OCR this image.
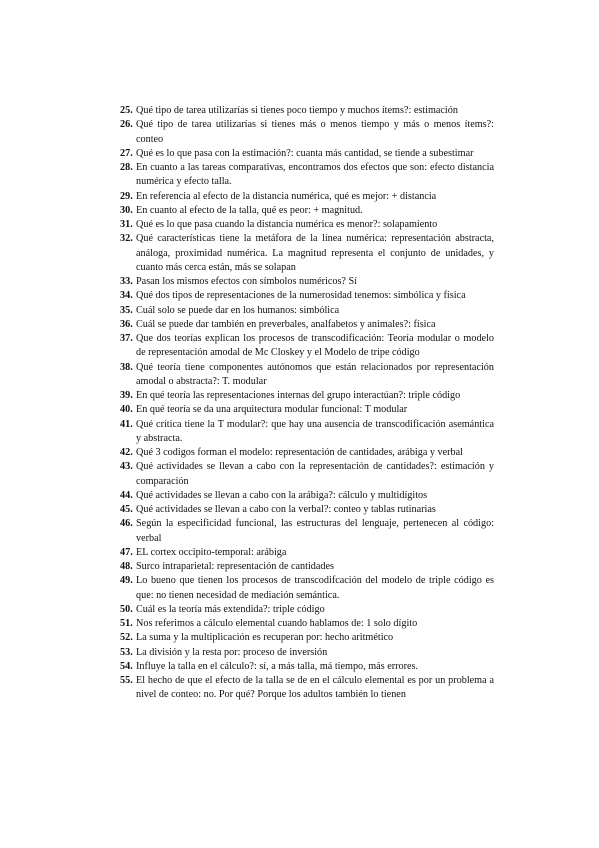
25. Qué tipo de tarea utilizarías si tienes poco tiempo y muchos ítems?: estimación
26. Qué tipo de tarea utilizarías si tienes más o menos tiempo y más o menos ítems?: conteo
27. Qué es lo que pasa con la estimación?: cuanta más cantidad, se tiende a subestimar
28. En cuanto a las tareas comparativas, encontramos dos efectos que son: efecto distancia numérica y efecto talla.
29. En referencia al efecto de la distancia numérica, qué es mejor: + distancia
30. En cuanto al efecto de la talla, qué es peor: + magnitud.
31. Qué es lo que pasa cuando la distancia numérica es menor?: solapamiento
32. Qué características tiene la metáfora de la línea numérica: representación abstracta, análoga, proximidad numérica. La magnitud representa el conjunto de unidades, y cuanto más cerca están, más se solapan
33. Pasan los mismos efectos con símbolos numéricos? Sí
34. Qué dos tipos de representaciones de la numerosidad tenemos: simbólica y física
35. Cuál solo se puede dar en los humanos: simbólica
36. Cuál se puede dar también en preverbales, analfabetos y animales?: física
37. Que dos teorías explican los procesos de transcodificación: Teoría modular o modelo de representación amodal de Mc Closkey y el Modelo de tripe código
38. Qué teoría tiene componentes autónomos que están relacionados por representación amodal o abstracta?: T. modular
39. En qué teoría las representaciones internas del grupo interactúan?: triple código
40. En qué teoría se da una arquitectura modular funcional: T modular
41. Qué crítica tiene la T modular?: que hay una ausencia de transcodificación asemántica y abstracta.
42. Qué 3 codigos forman el modelo: representación de cantidades, arábiga y verbal
43. Qué actividades se llevan a cabo con la representación de cantidades?: estimación y comparación
44. Qué actividades se llevan a cabo con la arábiga?: cálculo y multidígitos
45. Qué actividades se llevan a cabo con la verbal?: conteo y tablas rutinarias
46. Según la especificidad funcional, las estructuras del lenguaje, pertenecen al código: verbal
47. EL cortex occipito-temporal: arábiga
48. Surco intraparietal: representación de cantidades
49. Lo bueno que tienen los procesos de transcodifcación del modelo de triple código es que: no tienen necesidad de mediación semántica.
50. Cuál es la teoría más extendida?: triple código
51. Nos referimos a cálculo elemental cuando hablamos de: 1 solo dígito
52. La suma y la multiplicación es recuperan por: hecho aritmético
53. La división y la resta por: proceso de inversión
54. Influye la talla en el cálculo?: sí, a más talla, má tiempo, más errores.
55. El hecho de que el efecto de la talla se de en el cálculo elemental es por un problema a nivel de conteo: no. Por qué? Porque los adultos también lo tienen
